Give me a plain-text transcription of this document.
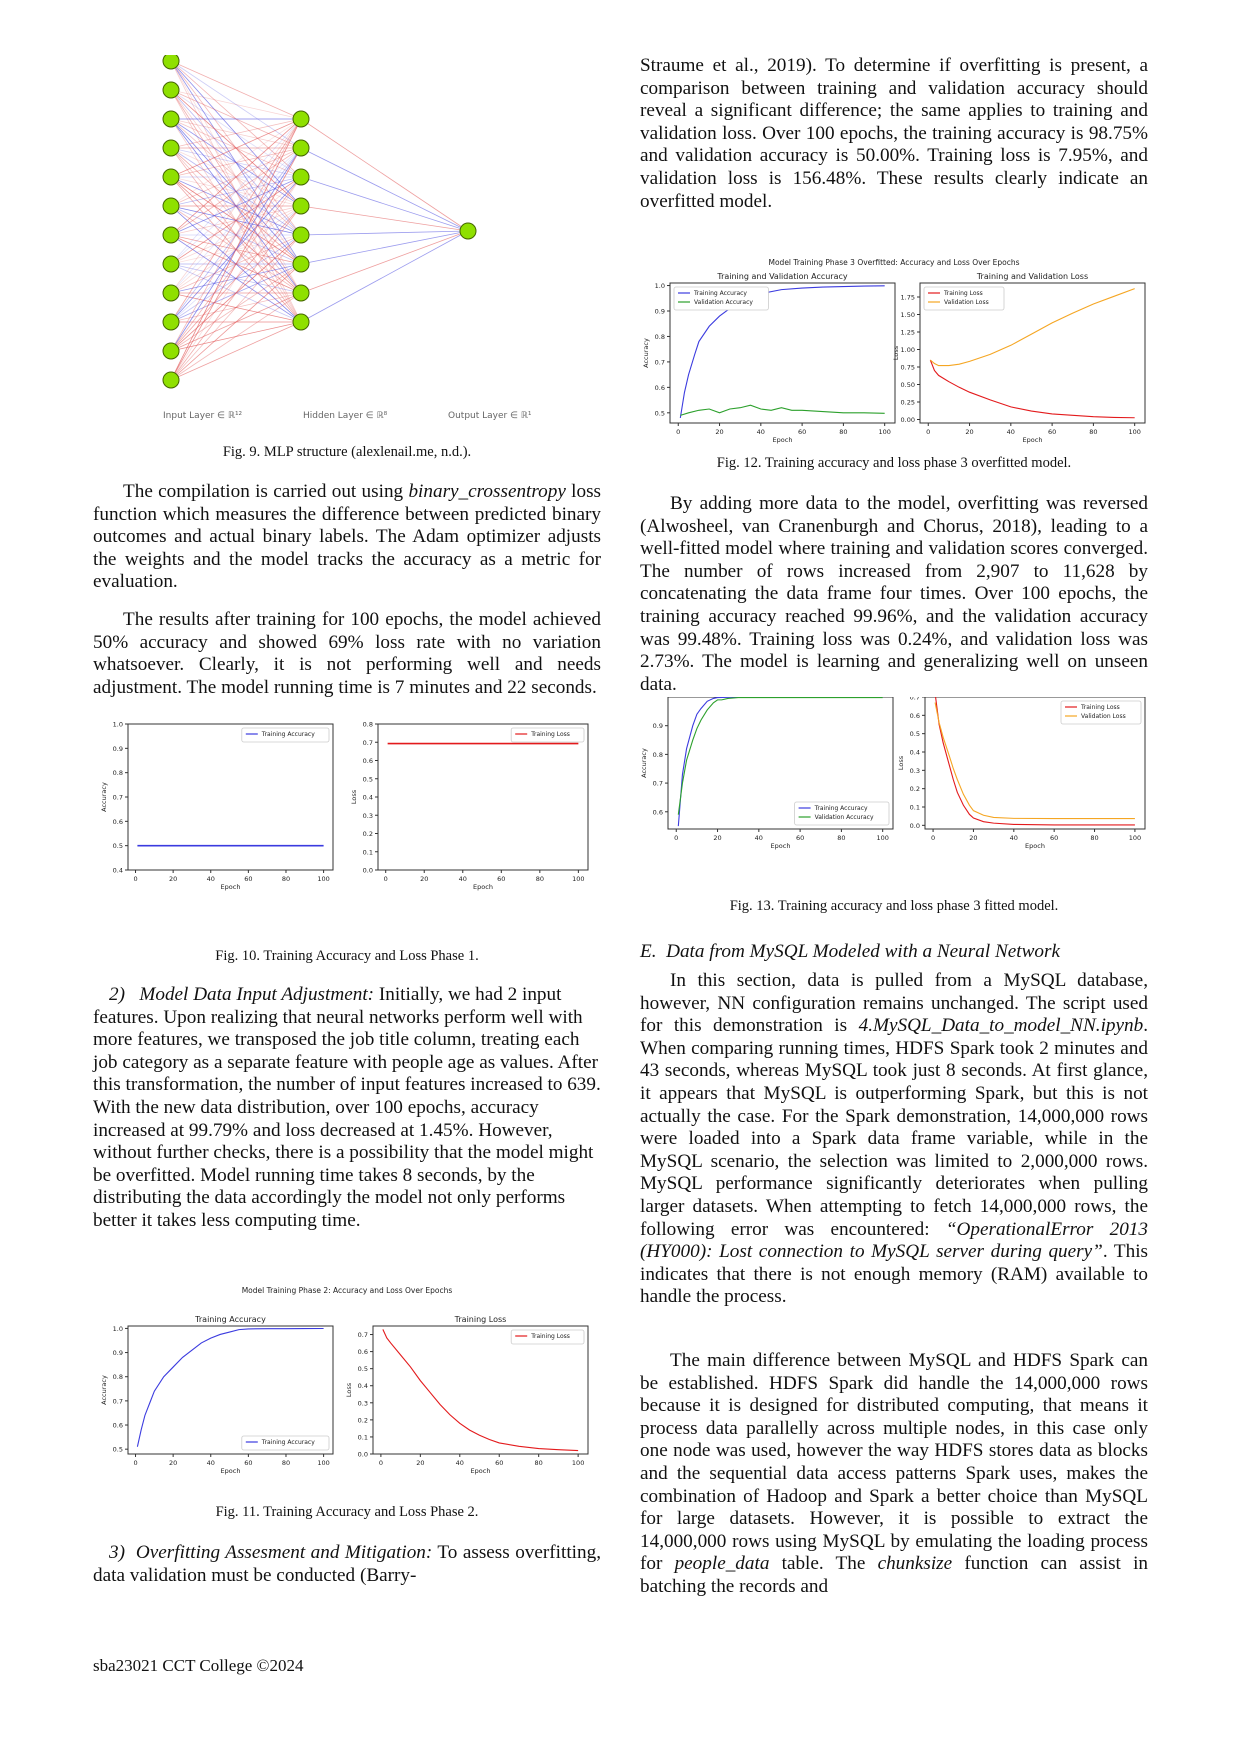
Input Layer ∈ ℝ¹²	Hidden Layer ∈ ℝ⁸	Output Layer ∈ ℝ¹
Fig. 9. MLP structure (alexlenail.me, n.d.).

The compilation is carried out using binary_crossentropy loss function which measures the difference between predicted binary outcomes and actual binary labels. The Adam optimizer adjusts the weights and the model tracks the accuracy as a metric for evaluation.

The results after training for 100 epochs, the model achieved 50% accuracy and showed 69% loss rate with no variation whatsoever. Clearly, it is not performing well and needs adjustment. The model running time is 7 minutes and 22 seconds.

0.4
0.5
0.6
0.7
0.8
0.9
1.0
0	20	40	60	80	100
Epoch
Accuracy
Training Accuracy
0.0
0.1
0.2
0.3
0.4
0.5
0.6
0.7
0.8
0	20	40	60	80	100
Epoch
Loss
Training Loss
Fig. 10. Training Accuracy and Loss Phase 1.

2) Model Data Input Adjustment: Initially, we had 2 input features. Upon realizing that neural networks perform well with more features, we transposed the job title column, treating each job category as a separate feature with people age as values. After this transformation, the number of input features increased to 639. With the new data distribution, over 100 epochs, accuracy increased at 99.79% and loss decreased at 1.45%. However, without further checks, there is a possibility that the model might be overfitted. Model running time takes 8 seconds, by the distributing the data accordingly the model not only performs better it takes less computing time.

Model Training Phase 2: Accuracy and Loss Over Epochs
Training Accuracy
0.5
0.6
0.7
0.8
0.9
1.0
0	20	40	60	80	100
Epoch
Accuracy
Training Accuracy
Training Loss
0.0
0.1
0.2
0.3
0.4
0.5
0.6
0.7
0	20	40	60	80	100
Epoch
Loss
Training Loss
Fig. 11. Training Accuracy and Loss Phase 2.

3) Overfitting Assesment and Mitigation: To assess overfitting, data validation must be conducted (Barry-

sba23021 CCT College ©2024

Straume et al., 2019). To determine if overfitting is present, a comparison between training and validation accuracy should reveal a significant difference; the same applies to training and validation loss. Over 100 epochs, the training accuracy is 98.75% and validation accuracy is 50.00%. Training loss is 7.95%, and validation loss is 156.48%. These results clearly indicate an overfitted model.

Model Training Phase 3 Overfitted: Accuracy and Loss Over Epochs
Training and Validation Accuracy
0.5
0.6
0.7
0.8
0.9
1.0
0	20	40	60	80	100
Epoch
Accuracy
Training Accuracy
Validation Accuracy
Training and Validation Loss
0.00
0.25
0.50
0.75
1.00
1.25
1.50
1.75
0	20	40	60	80	100
Epoch
Loss
Training Loss
Validation Loss
Fig. 12. Training accuracy and loss phase 3 overfitted model.

By adding more data to the model, overfitting was reversed (Alwosheel, van Cranenburgh and Chorus, 2018), leading to a well-fitted model where training and validation scores converged. The number of rows increased from 2,907 to 11,628 by concatenating the data frame four times. Over 100 epochs, the training accuracy reached 99.96%, and the validation accuracy was 99.48%. Training loss was 0.24%, and validation loss was 2.73%. The model is learning and generalizing well on unseen data.

0.6
0.7
0.8
0.9
0	20	40	60	80	100
Epoch
Accuracy
Training Accuracy
Validation Accuracy
0.0
0.1
0.2
0.3
0.4
0.5
0.6
0.7
0	20	40	60	80	100
Epoch
Loss
Training Loss
Validation Loss
Fig. 13. Training accuracy and loss phase 3 fitted model.
E.  Data from MySQL Modeled with a Neural Network

In this section, data is pulled from a MySQL database, however, NN configuration remains unchanged. The script used for this demonstration is 4.MySQL_Data_to_model_NN.ipynb. When comparing running times, HDFS Spark took 2 minutes and 43 seconds, whereas MySQL took just 8 seconds. At first glance, it appears that MySQL is outperforming Spark, but this is not actually the case. For the Spark demonstration, 14,000,000 rows were loaded into a Spark data frame variable, while in the MySQL scenario, the selection was limited to 2,000,000 rows. MySQL performance significantly deteriorates when pulling larger datasets. When attempting to fetch 14,000,000 rows, the following error was encountered: “OperationalError 2013 (HY000): Lost connection to MySQL server during query”. This indicates that there is not enough memory (RAM) available to handle the process.

The main difference between MySQL and HDFS Spark can be established. HDFS Spark did handle the 14,000,000 rows because it is designed for distributed computing, that means it process data parallelly across multiple nodes, in this case only one node was used, however the way HDFS stores data as blocks and the sequential data access patterns Spark uses, makes the combination of Hadoop and Spark a better choice than MySQL for large datasets. However, it is possible to extract the 14,000,000 rows using MySQL by emulating the loading process for people_data table. The chunksize function can assist in batching the records and
